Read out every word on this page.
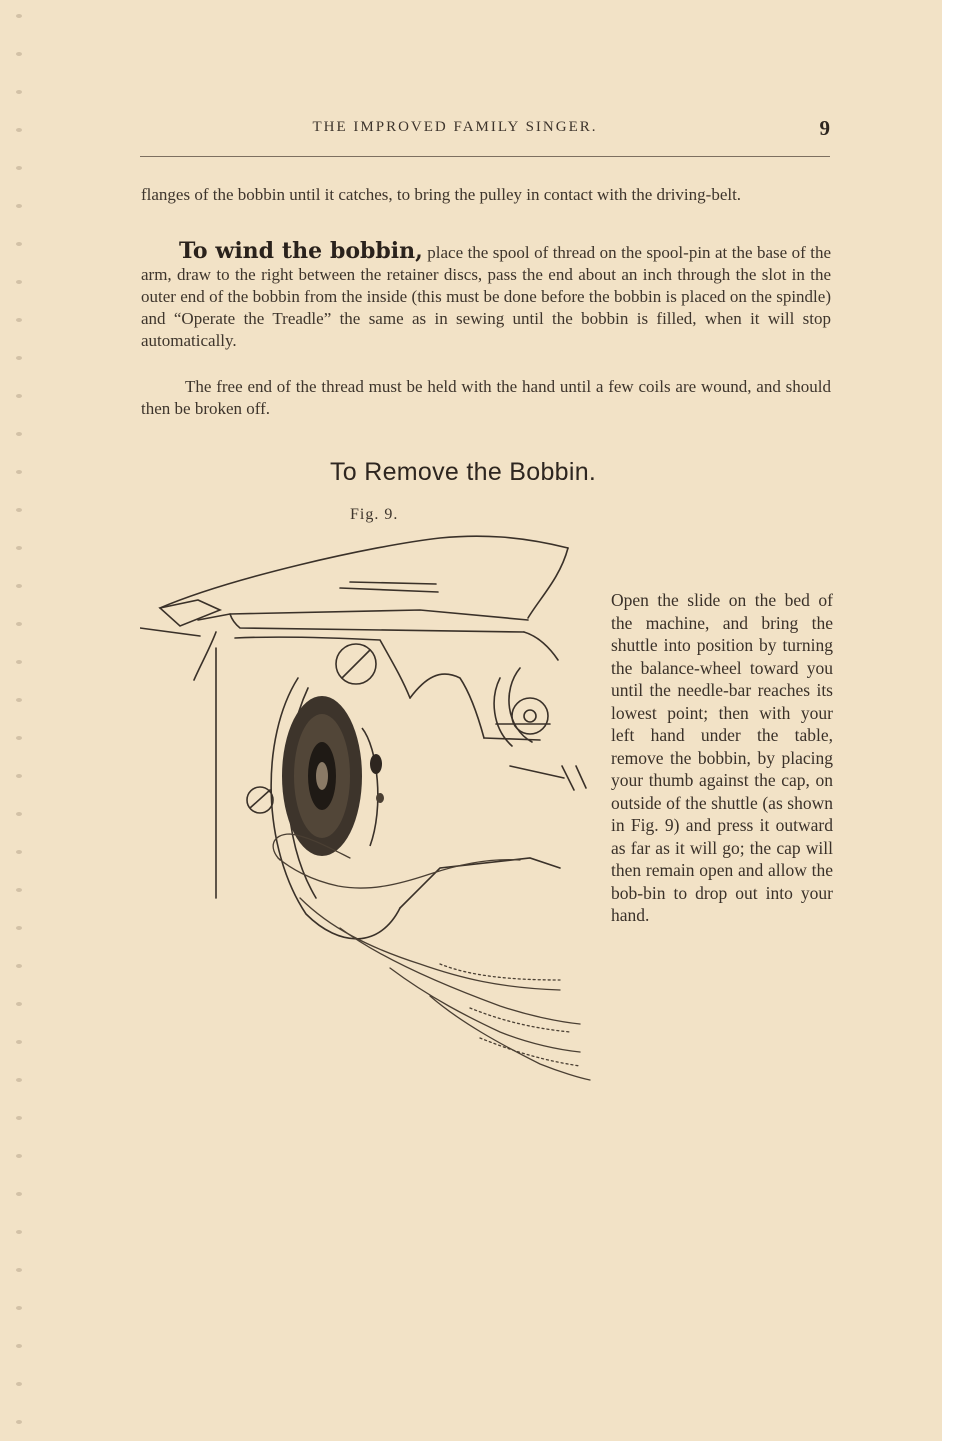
THE IMPROVED FAMILY SINGER.	9
flanges of the bobbin until it catches, to bring the pulley in contact with the driving-belt.
To wind the bobbin, place the spool of thread on the spool-pin at the base of the arm, draw to the right between the retainer discs, pass the end about an inch through the slot in the outer end of the bobbin from the inside (this must be done before the bobbin is placed on the spindle) and “Operate the Treadle” the same as in sewing until the bobbin is filled, when it will stop automatically.
The free end of the thread must be held with the hand until a few coils are wound, and should then be broken off.
To Remove the Bobbin.
Fig. 9.
Open the slide on the bed of the machine, and bring the shuttle into position by turning the balance-wheel toward you until the needle-bar reaches its lowest point; then with your left hand under the table, remove the bobbin, by placing your thumb against the cap, on outside of the shuttle (as shown in Fig. 9) and press it outward as far as it will go; the cap will then remain open and allow the bob-bin to drop out into your hand.
